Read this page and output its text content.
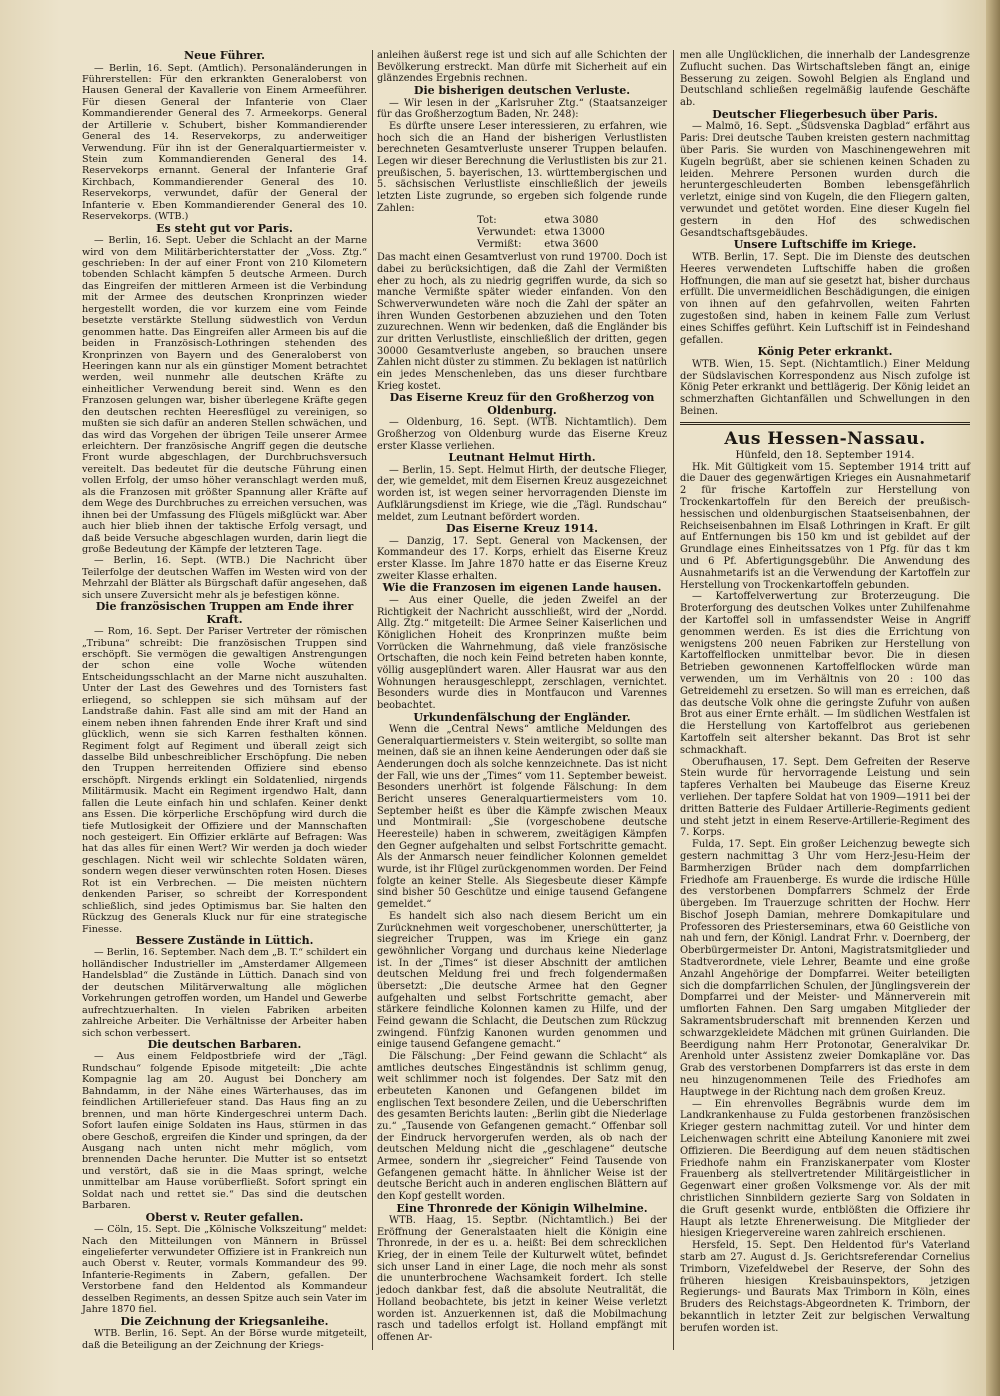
Neue Führer.

— Berlin, 16. Sept. (Amtlich). Personaländerungen in Führerstellen: Für den erkrankten Generaloberst von Hausen General der Kavallerie von Einem Armeeführer. Für diesen General der Infanterie von Claer Kommandierender General des 7. Armeekorps. General der Artillerie v. Schubert, bisher Kommandierender General des 14. Reservekorps, zu anderweitiger Verwendung. Für ihn ist der Generalquartiermeister v. Stein zum Kommandierenden General des 14. Reservekorps ernannt. General der Infanterie Graf Kirchbach, Kommandierender General des 10. Reservekorps, verwundet, dafür der General der Infanterie v. Eben Kommandierender General des 10. Reservekorps. (WTB.)

Es steht gut vor Paris.

— Berlin, 16. Sept. Ueber die Schlacht an der Marne wird von dem Militärberichterstatter der „Voss. Ztg.“ geschrieben: In der auf einer Front von 210 Kilometern tobenden Schlacht kämpfen 5 deutsche Armeen. Durch das Eingreifen der mittleren Armeen ist die Verbindung mit der Armee des deutschen Kronprinzen wieder hergestellt worden, die vor kurzem eine vom Feinde besetzte verstärkte Stellung südwestlich von Verdun genommen hatte. Das Eingreifen aller Armeen bis auf die beiden in Französisch-Lothringen stehenden des Kronprinzen von Bayern und des Generaloberst von Heeringen kann nur als ein günstiger Moment betrachtet werden, weil nunmehr alle deutschen Kräfte zu einheitlicher Verwendung bereit sind. Wenn es den Franzosen gelungen war, bisher überlegene Kräfte gegen den deutschen rechten Heeresflügel zu vereinigen, so mußten sie sich dafür an anderen Stellen schwächen, und das wird das Vorgehen der übrigen Teile unserer Armee erleichtern. Der französische Angriff gegen die deutsche Front wurde abgeschlagen, der Durchbruchsversuch vereitelt. Das bedeutet für die deutsche Führung einen vollen Erfolg, der umso höher veranschlagt werden muß, als die Franzosen mit größter Spannung aller Kräfte auf dem Wege des Durchbruches zu erreichen versuchen, was ihnen bei der Umfassung des Flügels mißglückt war. Aber auch hier blieb ihnen der taktische Erfolg versagt, und daß beide Versuche abgeschlagen wurden, darin liegt die große Bedeutung der Kämpfe der letzteren Tage.

— Berlin, 16. Sept. (WTB.) Die Nachricht über Teilerfolge der deutschen Waffen im Westen wird von der Mehrzahl der Blätter als Bürgschaft dafür angesehen, daß sich unsere Zuversicht mehr als je befestigen könne.

Die französischen Truppen am Ende ihrer Kraft.

— Rom, 16. Sept. Der Pariser Vertreter der römischen „Tribuna“ schreibt: Die französischen Truppen sind erschöpft. Sie vermögen die gewaltigen Anstrengungen der schon eine volle Woche wütenden Entscheidungsschlacht an der Marne nicht auszuhalten. Unter der Last des Gewehres und des Tornisters fast erliegend, so schleppen sie sich mühsam auf der Landstraße dahin. Fast alle sind am mit der Hand an einem neben ihnen fahrenden Ende ihrer Kraft und sind glücklich, wenn sie sich Karren festhalten können. Regiment folgt auf Regiment und überall zeigt sich dasselbe Bild unbeschreiblicher Erschöpfung. Die neben den Truppen herreitenden Offiziere sind ebenso erschöpft. Nirgends erklingt ein Soldatenlied, nirgends Militärmusik. Macht ein Regiment irgendwo Halt, dann fallen die Leute einfach hin und schlafen. Keiner denkt ans Essen. Die körperliche Erschöpfung wird durch die tiefe Mutlosigkeit der Offiziere und der Mannschaften noch gesteigert. Ein Offizier erklärte auf Befragen: Was hat das alles für einen Wert? Wir werden ja doch wieder geschlagen. Nicht weil wir schlechte Soldaten wären, sondern wegen dieser verwünschten roten Hosen. Dieses Rot ist ein Verbrechen. — Die meisten nüchtern denkenden Pariser, so schreibt der Korrespondent schließlich, sind jedes Optimismus bar. Sie halten den Rückzug des Generals Kluck nur für eine strategische Finesse.

Bessere Zustände in Lüttich.

— Berlin, 16. September. Nach dem „B. T.“ schildert ein holländischer Industrieller im „Amsterdamer Allgemeen Handelsblad“ die Zustände in Lüttich. Danach sind von der deutschen Militärverwaltung alle möglichen Vorkehrungen getroffen worden, um Handel und Gewerbe aufrechtzuerhalten. In vielen Fabriken arbeiten zahlreiche Arbeiter. Die Verhältnisse der Arbeiter haben sich schon verbessert.

Die deutschen Barbaren.

— Aus einem Feldpostbriefe wird der „Tägl. Rundschau“ folgende Episode mitgeteilt: „Die achte Kompagnie lag am 20. August bei Donchery am Bahndamm, in der Nähe eines Wärterhauses, das im feindlichen Artilleriefeuer stand. Das Haus fing an zu brennen, und man hörte Kindergeschrei unterm Dach. Sofort laufen einige Soldaten ins Haus, stürmen in das obere Geschoß, ergreifen die Kinder und springen, da der Ausgang nach unten nicht mehr möglich, vom brennenden Dache herunter. Die Mutter ist so entsetzt und verstört, daß sie in die Maas springt, welche unmittelbar am Hause vorüberfließt. Sofort springt ein Soldat nach und rettet sie.“ Das sind die deutschen Barbaren.

Oberst v. Reuter gefallen.

— Cöln, 15. Sept. Die „Kölnische Volkszeitung“ meldet: Nach den Mitteilungen von Männern in Brüssel eingelieferter verwundeter Offiziere ist in Frankreich nun auch Oberst v. Reuter, vormals Kommandeur des 99. Infanterie-Regiments in Zabern, gefallen. Der Verstorbene fand den Heldentod als Kommandeur desselben Regiments, an dessen Spitze auch sein Vater im Jahre 1870 fiel.

Die Zeichnung der Kriegsanleihe.

WTB. Berlin, 16. Sept. An der Börse wurde mitgeteilt, daß die Beteiligung an der Zeichnung der Kriegs-

anleihen äußerst rege ist und sich auf alle Schichten der Bevölkerung erstreckt. Man dürfe mit Sicherheit auf ein glänzendes Ergebnis rechnen.

Die bisherigen deutschen Verluste.

— Wir lesen in der „Karlsruher Ztg.“ (Staatsanzeiger für das Großherzogtum Baden, Nr. 248):

Es dürfte unsere Leser interessieren, zu erfahren, wie hoch sich die an Hand der bisherigen Verlustlisten berechneten Gesamtverluste unserer Truppen belaufen. Legen wir dieser Berechnung die Verlustlisten bis zur 21. preußischen, 5. bayerischen, 13. württembergischen und 5. sächsischen Verlustliste einschließlich der jeweils letzten Liste zugrunde, so ergeben sich folgende runde Zahlen:

Tot:	etwa 3080
Verwundet:	etwa 13000
Vermißt:	etwa 3600

Das macht einen Gesamtverlust von rund 19700. Doch ist dabei zu berücksichtigen, daß die Zahl der Vermißten eher zu hoch, als zu niedrig gegriffen wurde, da sich so manche Vermißte später wieder einfanden. Von den Schwerverwundeten wäre noch die Zahl der später an ihren Wunden Gestorbenen abzuziehen und den Toten zuzurechnen. Wenn wir bedenken, daß die Engländer bis zur dritten Verlustliste, einschließlich der dritten, gegen 30000 Gesamtverluste angeben, so brauchen unsere Zahlen nicht düster zu stimmen. Zu beklagen ist natürlich ein jedes Menschenleben, das uns dieser furchtbare Krieg kostet.

Das Eiserne Kreuz für den Großherzog von Oldenburg.

— Oldenburg, 16. Sept. (WTB. Nichtamtlich). Dem Großherzog von Oldenburg wurde das Eiserne Kreuz erster Klasse verliehen.

Leutnant Helmut Hirth.

— Berlin, 15. Sept. Helmut Hirth, der deutsche Flieger, der, wie gemeldet, mit dem Eisernen Kreuz ausgezeichnet worden ist, ist wegen seiner hervorragenden Dienste im Aufklärungsdienst im Kriege, wie die „Tägl. Rundschau“ meldet, zum Leutnant befördert worden.

Das Eiserne Kreuz 1914.

— Danzig, 17. Sept. General von Mackensen, der Kommandeur des 17. Korps, erhielt das Eiserne Kreuz erster Klasse. Im Jahre 1870 hatte er das Eiserne Kreuz zweiter Klasse erhalten.

Wie die Franzosen im eigenen Lande hausen.

— Aus einer Quelle, die jeden Zweifel an der Richtigkeit der Nachricht ausschließt, wird der „Nordd. Allg. Ztg.“ mitgeteilt: Die Armee Seiner Kaiserlichen und Königlichen Hoheit des Kronprinzen mußte beim Vorrücken die Wahrnehmung, daß viele französische Ortschaften, die noch kein Feind betreten haben konnte, völlig ausgeplündert waren. Aller Hausrat war aus den Wohnungen herausgeschleppt, zerschlagen, vernichtet. Besonders wurde dies in Montfaucon und Varennes beobachtet.

Urkundenfälschung der Engländer.

Wenn die „Central News“ amtliche Meldungen des Generalquartiermeisters v. Stein weitergibt, so sollte man meinen, daß sie an ihnen keine Aenderungen oder daß sie Aenderungen doch als solche kennzeichnete. Das ist nicht der Fall, wie uns der „Times“ vom 11. September beweist. Besonders unerhört ist folgende Fälschung: In dem Bericht unseres Generalquartiermeisters vom 10. September heißt es über die Kämpfe zwischen Meaux und Montmirail: „Sie (vorgeschobene deutsche Heeresteile) haben in schwerem, zweitägigen Kämpfen den Gegner aufgehalten und selbst Fortschritte gemacht. Als der Anmarsch neuer feindlicher Kolonnen gemeldet wurde, ist ihr Flügel zurückgenommen worden. Der Feind folgte an keiner Stelle. Als Siegesbeute dieser Kämpfe sind bisher 50 Geschütze und einige tausend Gefangene gemeldet.“

Es handelt sich also nach diesem Bericht um ein Zurücknehmen weit vorgeschobener, unerschütterter, ja siegreicher Truppen, was im Kriege ein ganz gewöhnlicher Vorgang und durchaus keine Niederlage ist. In der „Times“ ist dieser Abschnitt der amtlichen deutschen Meldung frei und frech folgendermaßen übersetzt: „Die deutsche Armee hat den Gegner aufgehalten und selbst Fortschritte gemacht, aber stärkere feindliche Kolonnen kamen zu Hilfe, und der Feind gewann die Schlacht, die Deutschen zum Rückzug zwingend. Fünfzig Kanonen wurden genommen und einige tausend Gefangene gemacht.“

Die Fälschung: „Der Feind gewann die Schlacht“ als amtliches deutsches Eingeständnis ist schlimm genug, weit schlimmer noch ist folgendes. Der Satz mit den erbeuteten Kanonen und Gefangenen bildet im englischen Text besondere Zeilen, und die Ueberschriften des gesamten Berichts lauten: „Berlin gibt die Niederlage zu.“ „Tausende von Gefangenen gemacht.“ Offenbar soll der Eindruck hervorgerufen werden, als ob nach der deutschen Meldung nicht die „geschlagene“ deutsche Armee, sondern ihr „siegreicher“ Feind Tausende von Gefangenen gemacht hätte. In ähnlicher Weise ist der deutsche Bericht auch in anderen englischen Blättern auf den Kopf gestellt worden.

Eine Thronrede der Königin Wilhelmine.

WTB. Haag, 15. Septbr. (Nichtamtlich.) Bei der Eröffnung der Generalstaaten hielt die Königin eine Thronrede, in der es u. a. heißt: Bei dem schrecklichen Krieg, der in einem Teile der Kulturwelt wütet, befindet sich unser Land in einer Lage, die noch mehr als sonst die ununterbrochene Wachsamkeit fordert. Ich stelle jedoch dankbar fest, daß die absolute Neutralität, die Holland beobachtete, bis jetzt in keiner Weise verletzt worden ist. Anzuerkennen ist, daß die Mobilmachung rasch und tadellos erfolgt ist. Holland empfängt mit offenen Ar-

men alle Unglücklichen, die innerhalb der Landesgrenze Zuflucht suchen. Das Wirtschaftsleben fängt an, einige Besserung zu zeigen. Sowohl Belgien als England und Deutschland schließen regelmäßig laufende Geschäfte ab.

Deutscher Fliegerbesuch über Paris.

— Malmö, 16. Sept. „Südsvenska Dagblad“ erfährt aus Paris: Drei deutsche Tauben kreisten gestern nachmittag über Paris. Sie wurden von Maschinengewehren mit Kugeln begrüßt, aber sie schienen keinen Schaden zu leiden. Mehrere Personen wurden durch die heruntergeschleuderten Bomben lebensgefährlich verletzt, einige sind von Kugeln, die den Fliegern galten, verwundet und getötet worden. Eine dieser Kugeln fiel gestern in den Hof des schwedischen Gesandtschaftsgebäudes.

Unsere Luftschiffe im Kriege.

WTB. Berlin, 17. Sept. Die im Dienste des deutschen Heeres verwendeten Luftschiffe haben die großen Hoffnungen, die man auf sie gesetzt hat, bisher durchaus erfüllt. Die unvermeidlichen Beschädigungen, die einigen von ihnen auf den gefahrvollen, weiten Fahrten zugestoßen sind, haben in keinem Falle zum Verlust eines Schiffes geführt. Kein Luftschiff ist in Feindeshand gefallen.

König Peter erkrankt.

WTB. Wien, 15. Sept. (Nichtamtlich.) Einer Meldung der Südslavischen Korrespondenz aus Nisch zufolge ist König Peter erkrankt und bettlägerig. Der König leidet an schmerzhaften Gichtanfällen und Schwellungen in den Beinen.

Aus Hessen-Nassau.
Hünfeld, den 18. September 1914.

Hk. Mit Gültigkeit vom 15. September 1914 tritt auf die Dauer des gegenwärtigen Krieges ein Ausnahmetarif 2 für frische Kartoffeln zur Herstellung von Trockenkartoffeln für den Bereich der preußisch-hessischen und oldenburgischen Staatseisenbahnen, der Reichseisenbahnen im Elsaß Lothringen in Kraft. Er gilt auf Entfernungen bis 150 km und ist gebildet auf der Grundlage eines Einheitssatzes von 1 Pfg. für das t km und 6 Pf. Abfertigungsgebühr. Die Anwendung des Ausnahmetarifs ist an die Verwendung der Kartoffeln zur Herstellung von Trockenkartoffeln gebunden.

— Kartoffelverwertung zur Broterzeugung. Die Broterforgung des deutschen Volkes unter Zuhilfenahme der Kartoffel soll in umfassendster Weise in Angriff genommen werden. Es ist dies die Errichtung von wenigstens 200 neuen Fabriken zur Herstellung von Kartoffelflocken unmittelbar bevor. Die in diesen Betrieben gewonnenen Kartoffelflocken würde man verwenden, um im Verhältnis von 20 : 100 das Getreidemehl zu ersetzen. So will man es erreichen, daß das deutsche Volk ohne die geringste Zufuhr von außen Brot aus einer Ernte erhält. — Im südlichen Westfalen ist die Herstellung von Kartoffelbrot aus geriebenen Kartoffeln seit altersher bekannt. Das Brot ist sehr schmackhaft.

Oberufhausen, 17. Sept. Dem Gefreiten der Reserve Stein wurde für hervorragende Leistung und sein tapferes Verhalten bei Maubeuge das Eiserne Kreuz verliehen. Der tapfere Soldat hat von 1909—1911 bei der dritten Batterie des Fuldaer Artillerie-Regiments gedient und steht jetzt in einem Reserve-Artillerie-Regiment des 7. Korps.

Fulda, 17. Sept. Ein großer Leichenzug bewegte sich gestern nachmittag 3 Uhr vom Herz-Jesu-Heim der Barmherzigen Brüder nach dem dompfarrlichen Friedhofe am Frauenberge. Es wurde die irdische Hülle des verstorbenen Dompfarrers Schmelz der Erde übergeben. Im Trauerzuge schritten der Hochw. Herr Bischof Joseph Damian, mehrere Domkapitulare und Professoren des Priesterseminars, etwa 60 Geistliche von nah und fern, der Königl. Landrat Frhr. v. Doernberg, der Oberbürgermeister Dr. Antoni, Magistratsmitglieder und Stadtverordnete, viele Lehrer, Beamte und eine große Anzahl Angehörige der Dompfarrei. Weiter beteiligten sich die dompfarrlichen Schulen, der Jünglingsverein der Dompfarrei und der Meister- und Männerverein mit umflorten Fahnen. Den Sarg umgaben Mitglieder der Sakramentsbruderschaft mit brennenden Kerzen und schwarzgekleidete Mädchen mit grünen Guirlanden. Die Beerdigung nahm Herr Protonotar, Generalvikar Dr. Arenhold unter Assistenz zweier Domkapläne vor. Das Grab des verstorbenen Dompfarrers ist das erste in dem neu hinzugenommenen Teile des Friedhofes am Hauptwege in der Richtung nach dem großen Kreuz.

— Ein ehrenvolles Begräbnis wurde dem im Landkrankenhause zu Fulda gestorbenen französischen Krieger gestern nachmittag zuteil. Vor und hinter dem Leichenwagen schritt eine Abteilung Kanoniere mit zwei Offizieren. Die Beerdigung auf dem neuen städtischen Friedhofe nahm ein Franziskanerpater vom Kloster Frauenberg als stellvertretender Militärgeistlicher in Gegenwart einer großen Volksmenge vor. Als der mit christlichen Sinnbildern gezierte Sarg von Soldaten in die Gruft gesenkt wurde, entblößten die Offiziere ihr Haupt als letzte Ehrenerweisung. Die Mitglieder der hiesigen Kriegervereine waren zahlreich erschienen.

Hersfeld, 15. Sept. Den Heldentod für's Vaterland starb am 27. August d. Js. Gerichtsreferendar Cornelius Trimborn, Vizefeldwebel der Reserve, der Sohn des früheren hiesigen Kreisbauinspektors, jetzigen Regierungs- und Baurats Max Trimborn in Köln, eines Bruders des Reichstags-Abgeordneten K. Trimborn, der bekanntlich in letzter Zeit zur belgischen Verwaltung berufen worden ist.
